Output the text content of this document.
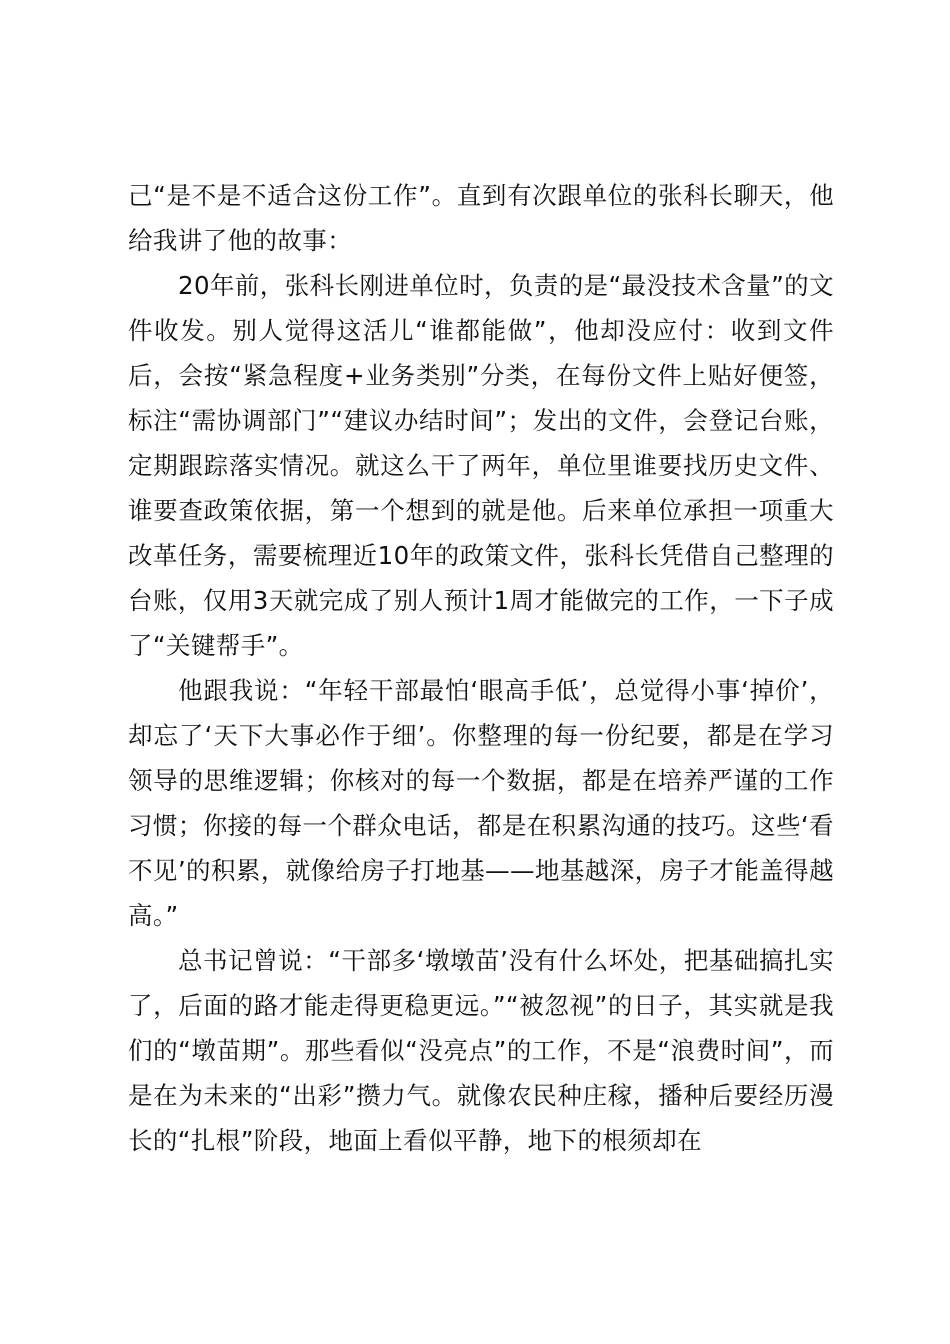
己“是不是不适合这份工作”。直到有次跟单位的张科长聊天，他给我讲了他的故事：

20年前，张科长刚进单位时，负责的是“最没技术含量”的文件收发。别人觉得这活儿“谁都能做”，他却没应付：收到文件后，会按“紧急程度+业务类别”分类，在每份文件上贴好便签，标注“需协调部门”“建议办结时间”；发出的文件，会登记台账，定期跟踪落实情况。就这么干了两年，单位里谁要找历史文件、谁要查政策依据，第一个想到的就是他。后来单位承担一项重大改革任务，需要梳理近10年的政策文件，张科长凭借自己整理的台账，仅用3天就完成了别人预计1周才能做完的工作，一下子成了“关键帮手”。

他跟我说：“年轻干部最怕‘眼高手低’，总觉得小事‘掉价’，却忘了‘天下大事必作于细’。你整理的每一份纪要，都是在学习领导的思维逻辑；你核对的每一个数据，都是在培养严谨的工作习惯；你接的每一个群众电话，都是在积累沟通的技巧。这些‘看不见’的积累，就像给房子打地基——地基越深，房子才能盖得越高。”

总书记曾说：“干部多‘墩墩苗’没有什么坏处，把基础搞扎实了，后面的路才能走得更稳更远。”“被忽视”的日子，其实就是我们的“墩苗期”。那些看似“没亮点”的工作，不是“浪费时间”，而是在为未来的“出彩”攒力气。就像农民种庄稼，播种后要经历漫长的“扎根”阶段，地面上看似平静，地下的根须却在
